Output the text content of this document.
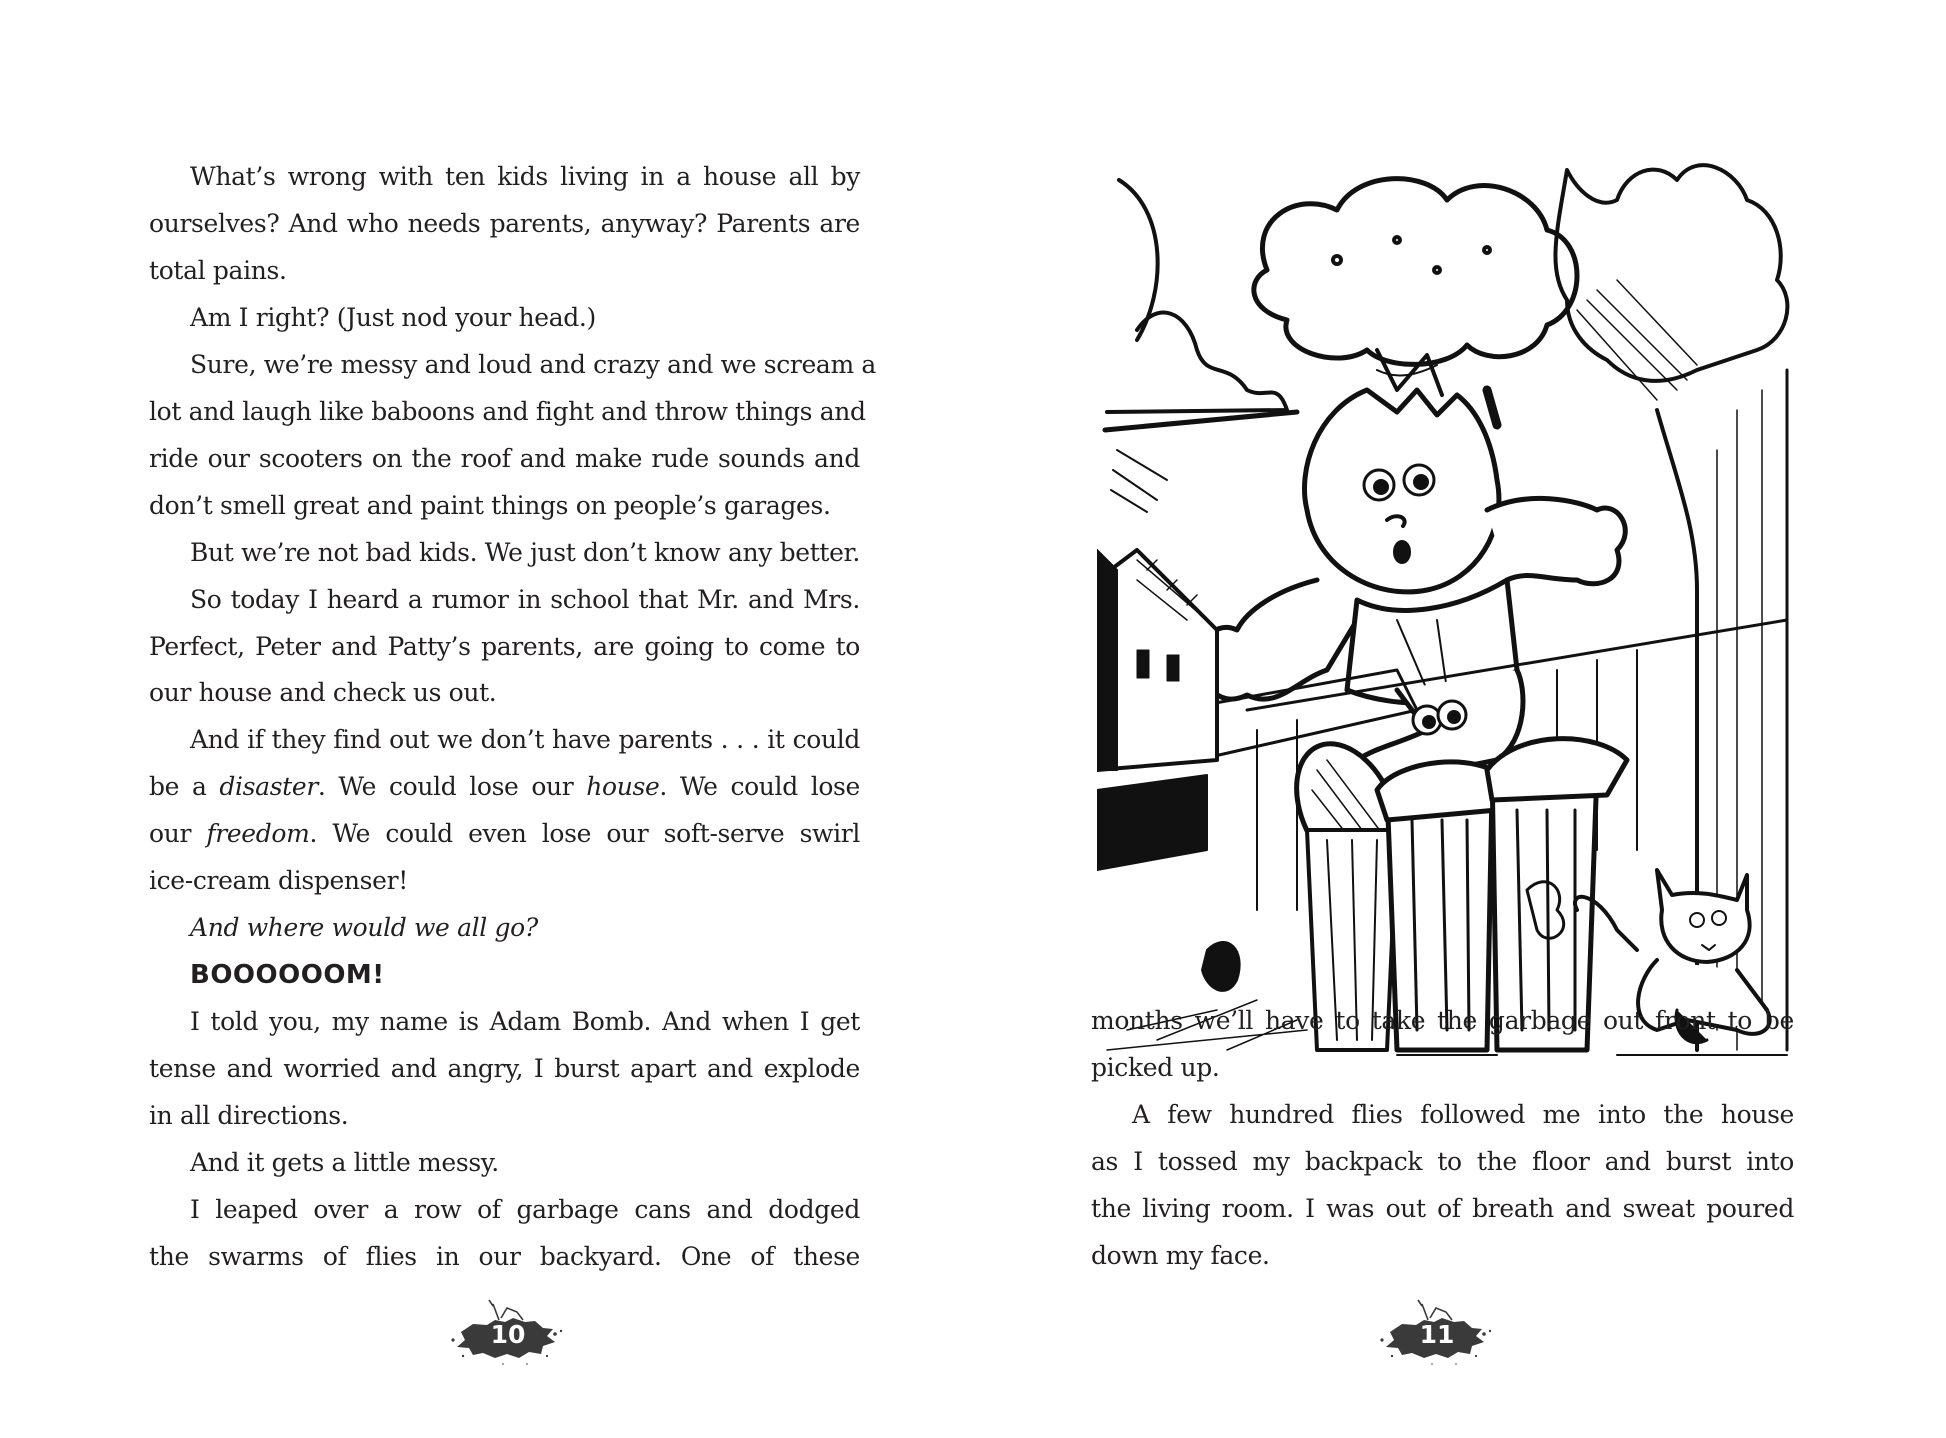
What’s wrong with ten kids living in a house all by
ourselves? And who needs parents, anyway? Parents are
total pains.
Am I right? (Just nod your head.)
Sure, we’re messy and loud and crazy and we scream a
lot and laugh like baboons and fight and throw things and
ride our scooters on the roof and make rude sounds and
don’t smell great and paint things on people’s garages.
But we’re not bad kids. We just don’t know any better.
So today I heard a rumor in school that Mr. and Mrs.
Perfect, Peter and Patty’s parents, are going to come to
our house and check us out.
And if they find out we don’t have parents . . . it could
be a disaster. We could lose our house. We could lose
our freedom. We could even lose our soft-serve swirl
ice-cream dispenser!
And where would we all go?
BOOOOOOM!
I told you, my name is Adam Bomb. And when I get
tense and worried and angry, I burst apart and explode
in all directions.
And it gets a little messy.
I leaped over a row of garbage cans and dodged
the swarms of flies in our backyard. One of these
10
months we’ll have to take the garbage out front to be
picked up.
A few hundred flies followed me into the house
as I tossed my backpack to the floor and burst into
the living room. I was out of breath and sweat poured
down my face.
11
